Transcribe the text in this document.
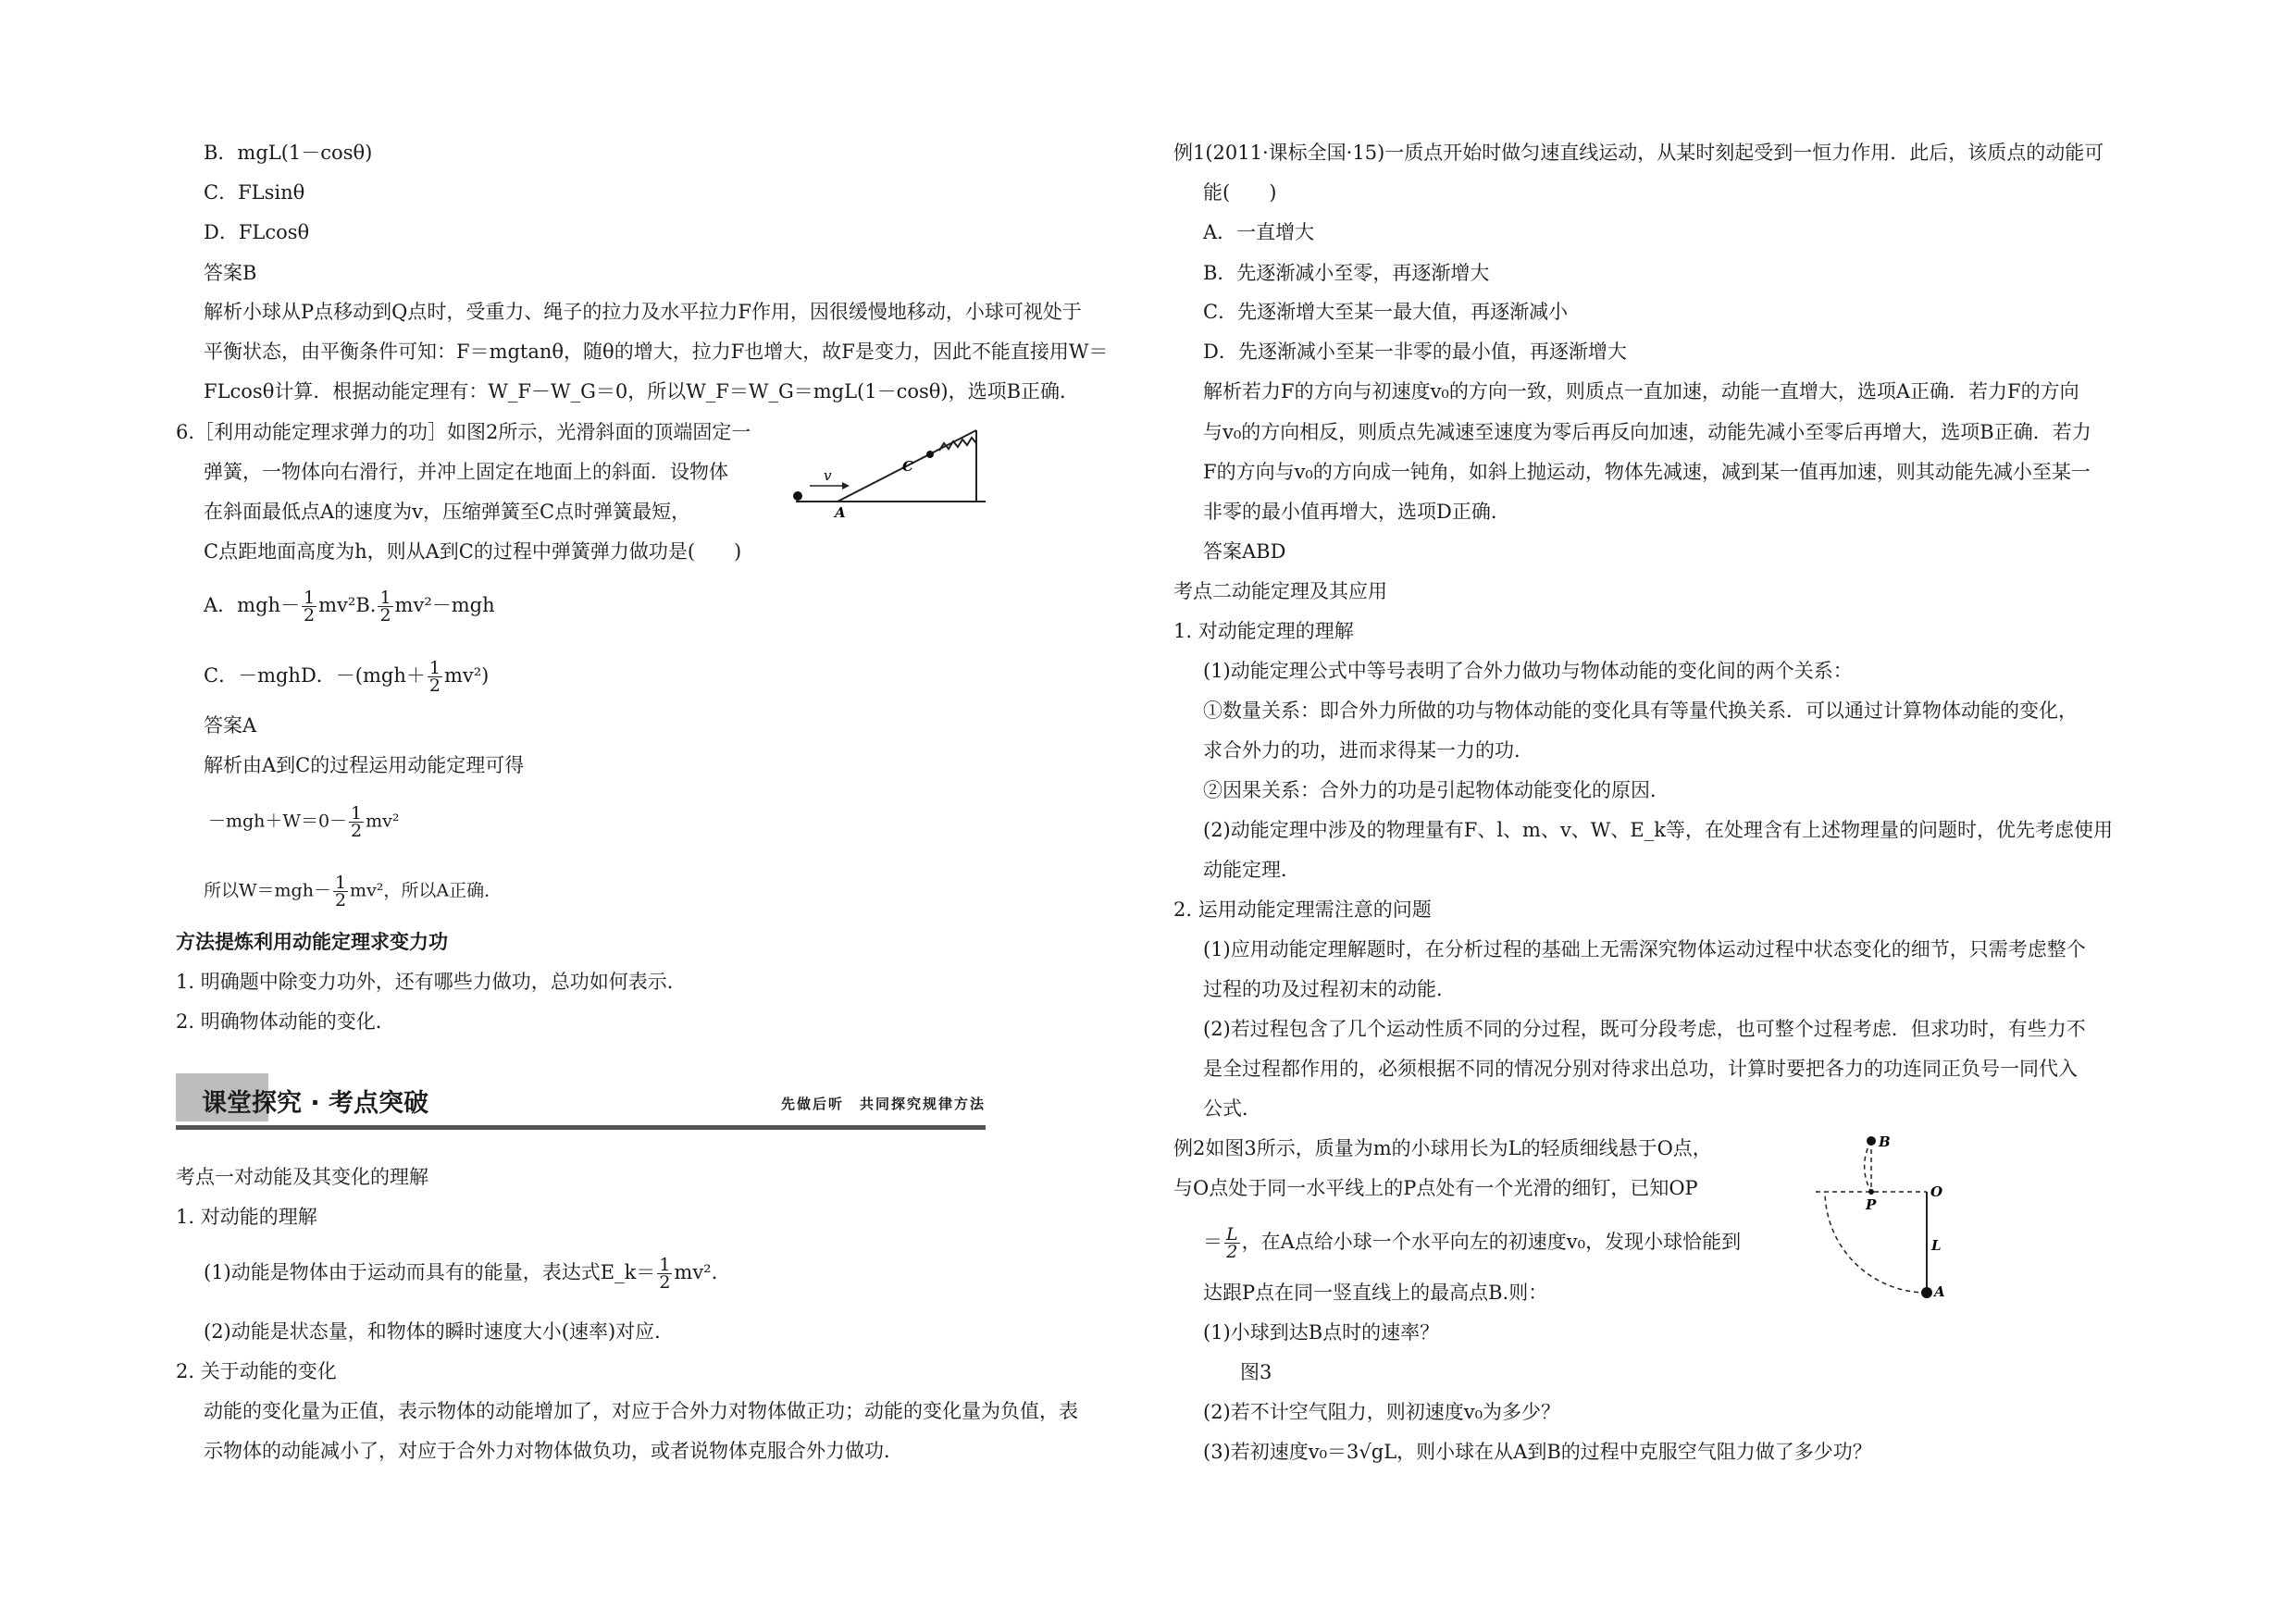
B．mgL(1－cosθ)
C．FLsinθ
D．FLcosθ
答案B
解析小球从P点移动到Q点时，受重力、绳子的拉力及水平拉力F作用，因很缓慢地移动，小球可视处于
平衡状态，由平衡条件可知：F＝mgtanθ，随θ的增大，拉力F也增大，故F是变力，因此不能直接用W＝
FLcosθ计算．根据动能定理有：W_F－W_G＝0，所以W_F＝W_G＝mgL(1－cosθ)，选项B正确．
6.［利用动能定理求弹力的功］如图2所示，光滑斜面的顶端固定一
弹簧，一物体向右滑行，并冲上固定在地面上的斜面．设物体
在斜面最低点A的速度为v，压缩弹簧至C点时弹簧最短，
C点距地面高度为h，则从A到C的过程中弹簧弹力做功是(　　)
v
A
C
A．$mgh- \frac{1}{2} mv^2B$. $\frac{1}{2} mv^2-mgh$
C．－mghD．$-(mgh+ \frac{1}{2} mv^2)$
答案A
解析由A到C的过程运用动能定理可得
$-mgh+W=0- \frac{1}{2} mv^2$
所以$W=mgh- \frac{1}{2} mv^2$，所以A正确．
方法提炼利用动能定理求变力功
1. 明确题中除变力功外，还有哪些力做功，总功如何表示．
2. 明确物体动能的变化．
课堂探究 · 考点突破	先做后听　共同探究规律方法
考点一对动能及其变化的理解
1. 对动能的理解
(1)动能是物体由于运动而具有的能量，表达式E_k＝ $\frac{1}{2} mv^2$.
(2)动能是状态量，和物体的瞬时速度大小(速率)对应．
2. 关于动能的变化
动能的变化量为正值，表示物体的动能增加了，对应于合外力对物体做正功；动能的变化量为负值，表
示物体的动能减小了，对应于合外力对物体做负功，或者说物体克服合外力做功．
例1(2011·课标全国·15)一质点开始时做匀速直线运动，从某时刻起受到一恒力作用．此后，该质点的动能可
能(　　)
A．一直增大
B．先逐渐减小至零，再逐渐增大
C．先逐渐增大至某一最大值，再逐渐减小
D．先逐渐减小至某一非零的最小值，再逐渐增大
解析若力F的方向与初速度v₀的方向一致，则质点一直加速，动能一直增大，选项A正确．若力F的方向
与v₀的方向相反，则质点先减速至速度为零后再反向加速，动能先减小至零后再增大，选项B正确．若力
F的方向与v₀的方向成一钝角，如斜上抛运动，物体先减速，减到某一值再加速，则其动能先减小至某一
非零的最小值再增大，选项D正确．
答案ABD
考点二动能定理及其应用
1. 对动能定理的理解
(1)动能定理公式中等号表明了合外力做功与物体动能的变化间的两个关系：
①数量关系：即合外力所做的功与物体动能的变化具有等量代换关系．可以通过计算物体动能的变化，
求合外力的功，进而求得某一力的功．
②因果关系：合外力的功是引起物体动能变化的原因．
(2)动能定理中涉及的物理量有F、l、m、v、W、E_k等，在处理含有上述物理量的问题时，优先考虑使用
动能定理．
2. 运用动能定理需注意的问题
(1)应用动能定理解题时，在分析过程的基础上无需深究物体运动过程中状态变化的细节，只需考虑整个
过程的功及过程初末的动能．
(2)若过程包含了几个运动性质不同的分过程，既可分段考虑，也可整个过程考虑．但求功时，有些力不
是全过程都作用的，必须根据不同的情况分别对待求出总功，计算时要把各力的功连同正负号一同代入
公式．
例2如图3所示，质量为m的小球用长为L的轻质细线悬于O点，
与O点处于同一水平线上的P点处有一个光滑的细钉，已知OP
＝ $\frac{L}{2}$ ，在A点给小球一个水平向左的初速度v₀，发现小球恰能到
达跟P点在同一竖直线上的最高点B.则：
(1)小球到达B点时的速率？
图3
(2)若不计空气阻力，则初速度v₀为多少？
(3)若初速度v₀＝3√gL，则小球在从A到B的过程中克服空气阻力做了多少功？
B
O
P
L
A
